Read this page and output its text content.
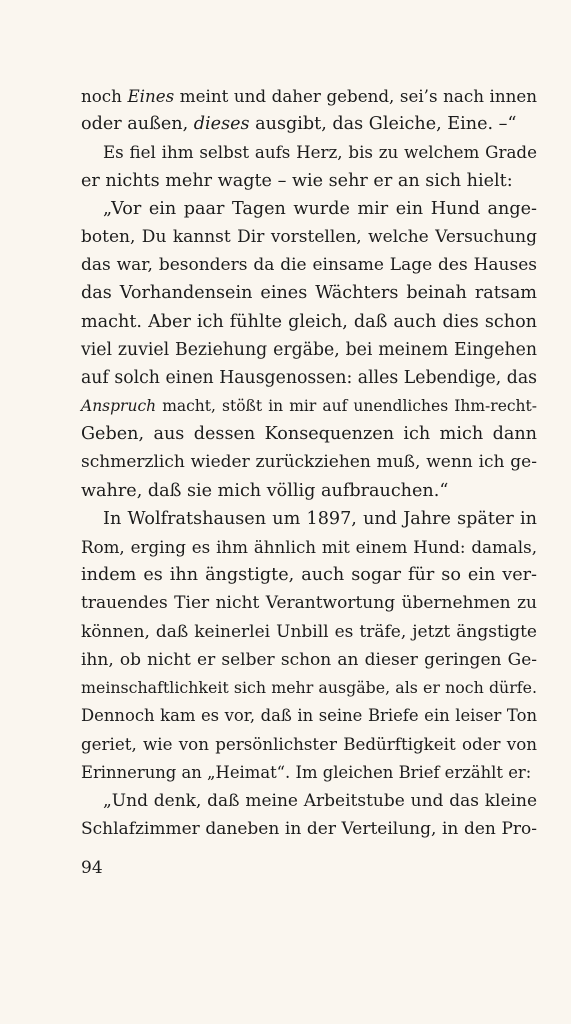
noch Eines meint und daher gebend, sei’s nach innen
oder außen, dieses ausgibt, das Gleiche, Eine. –“
Es fiel ihm selbst aufs Herz, bis zu welchem Grade
er nichts mehr wagte – wie sehr er an sich hielt:
„Vor ein paar Tagen wurde mir ein Hund ange-
boten, Du kannst Dir vorstellen, welche Versuchung
das war, besonders da die einsame Lage des Hauses
das Vorhandensein eines Wächters beinah ratsam
macht. Aber ich fühlte gleich, daß auch dies schon
viel zuviel Beziehung ergäbe, bei meinem Eingehen
auf solch einen Hausgenossen: alles Lebendige, das
Anspruch macht, stößt in mir auf unendliches Ihm-recht-
Geben, aus dessen Konsequenzen ich mich dann
schmerzlich wieder zurückziehen muß, wenn ich ge-
wahre, daß sie mich völlig aufbrauchen.“
In Wolfratshausen um 1897, und Jahre später in
Rom, erging es ihm ähnlich mit einem Hund: damals,
indem es ihn ängstigte, auch sogar für so ein ver-
trauendes Tier nicht Verantwortung übernehmen zu
können, daß keinerlei Unbill es träfe, jetzt ängstigte
ihn, ob nicht er selber schon an dieser geringen Ge-
meinschaftlichkeit sich mehr ausgäbe, als er noch dürfe.
Dennoch kam es vor, daß in seine Briefe ein leiser Ton
geriet, wie von persönlichster Bedürftigkeit oder von
Erinnerung an „Heimat“. Im gleichen Brief erzählt er:
„Und denk, daß meine Arbeitstube und das kleine
Schlafzimmer daneben in der Verteilung, in den Pro-
94
